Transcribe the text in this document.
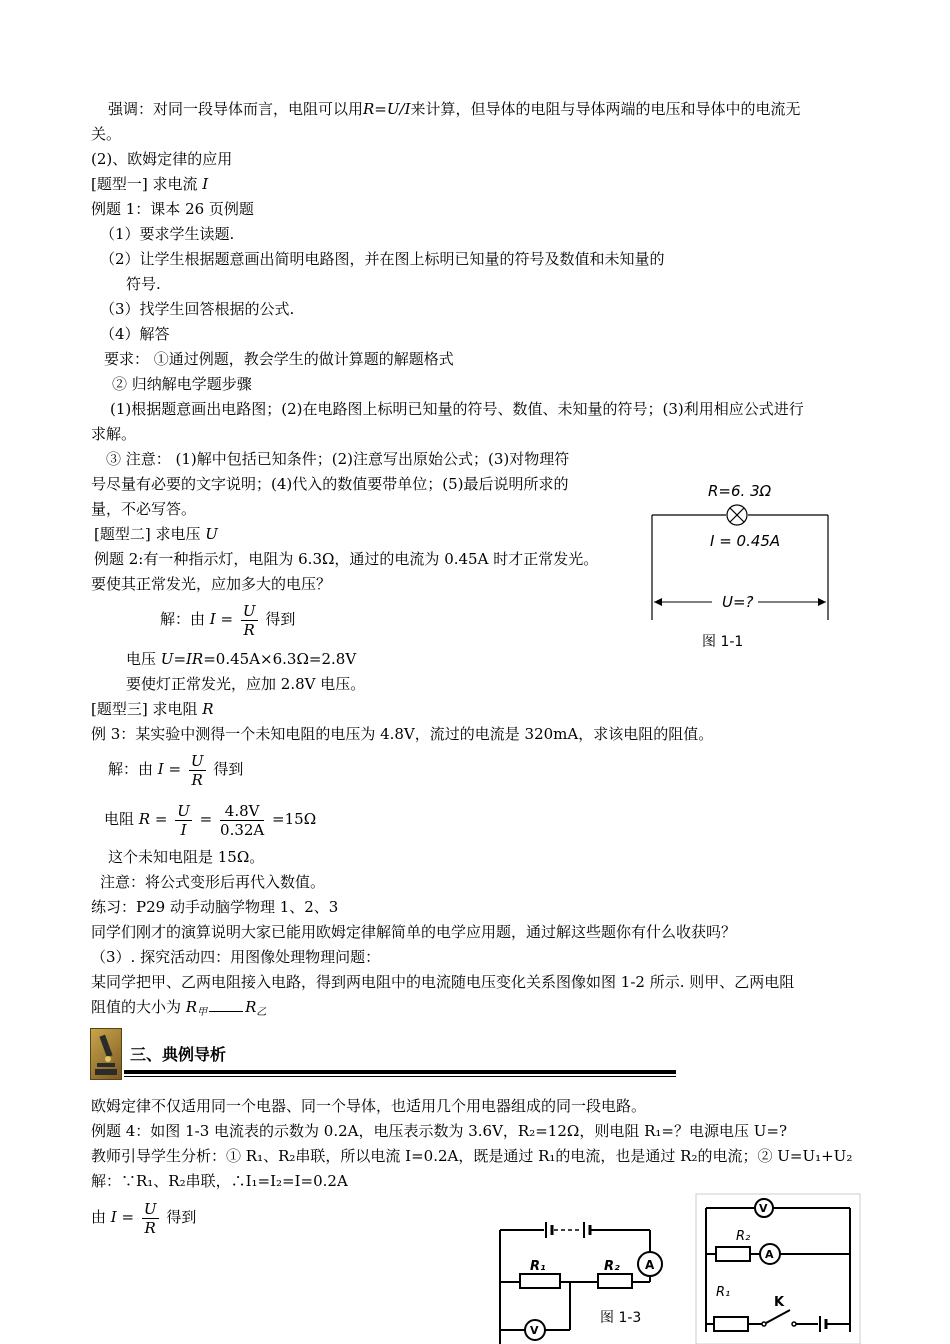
强调：对同一段导体而言，电阻可以用R=U/I来计算，但导体的电阻与导体两端的电压和导体中的电流无
关。
(2)、欧姆定律的应用
[题型一] 求电流 I
例题 1：课本 26 页例题
（1）要求学生读题.
（2）让学生根据题意画出简明电路图，并在图上标明已知量的符号及数值和未知量的
符号.
（3）找学生回答根据的公式.
（4）解答
要求： ①通过例题，教会学生的做计算题的解题格式
② 归纳解电学题步骤
(1)根据题意画出电路图；(2)在电路图上标明已知量的符号、数值、未知量的符号；(3)利用相应公式进行
求解。
③ 注意： (1)解中包括已知条件；(2)注意写出原始公式；(3)对物理符
号尽量有必要的文字说明；(4)代入的数值要带单位；(5)最后说明所求的
量，不必写答。
[题型二] 求电压 U
例题 2:有一种指示灯，电阻为 6.3Ω，通过的电流为 0.45A 时才正常发光。
要使其正常发光，应加多大的电压？
解：由 $I = \frac{U}{R}$ 得到
电压 U=IR=0.45A×6.3Ω=2.8V
要使灯正常发光，应加 2.8V 电压。
[题型三] 求电阻 R
例 3：某实验中测得一个未知电阻的电压为 4.8V，流过的电流是 320mA，求该电阻的阻值。
解：由 $I = \frac{U}{R}$ 得到
电阻 $R = \frac{U}{I} = \frac{4.8V}{0.32A} =15\Omega$
这个未知电阻是 15Ω。
注意：将公式变形后再代入数值。
练习：P29 动手动脑学物理 1、2、3
同学们刚才的演算说明大家已能用欧姆定律解简单的电学应用题，通过解这些题你有什么收获吗？
（3）. 探究活动四：用图像处理物理问题：
某同学把甲、乙两电阻接入电路，得到两电阻中的电流随电压变化关系图像如图 1-2 所示. 则甲、乙两电阻
阻值的大小为 $R_甲$	$R_乙$
三、典例导析
欧姆定律不仅适用同一个电器、同一个导体，也适用几个用电器组成的同一段电路。
例题 4：如图 1-3 电流表的示数为 0.2A，电压表示数为 3.6V，R₂=12Ω，则电阻 R₁=？电源电压 U=?
教师引导学生分析：① R₁、R₂串联，所以电流 I=0.2A，既是通过 R₁的电流，也是通过 R₂的电流；② U=U₁+U₂
解：∵R₁、R₂串联，∴I₁=I₂=I=0.2A
由 $I = \frac{U}{R}$ 得到
R=6. 3Ω
I = 0.45A
U=?
图 1-1
A
R₁	R₂
V
图 1-3
V
R₂
A
R₁
K
